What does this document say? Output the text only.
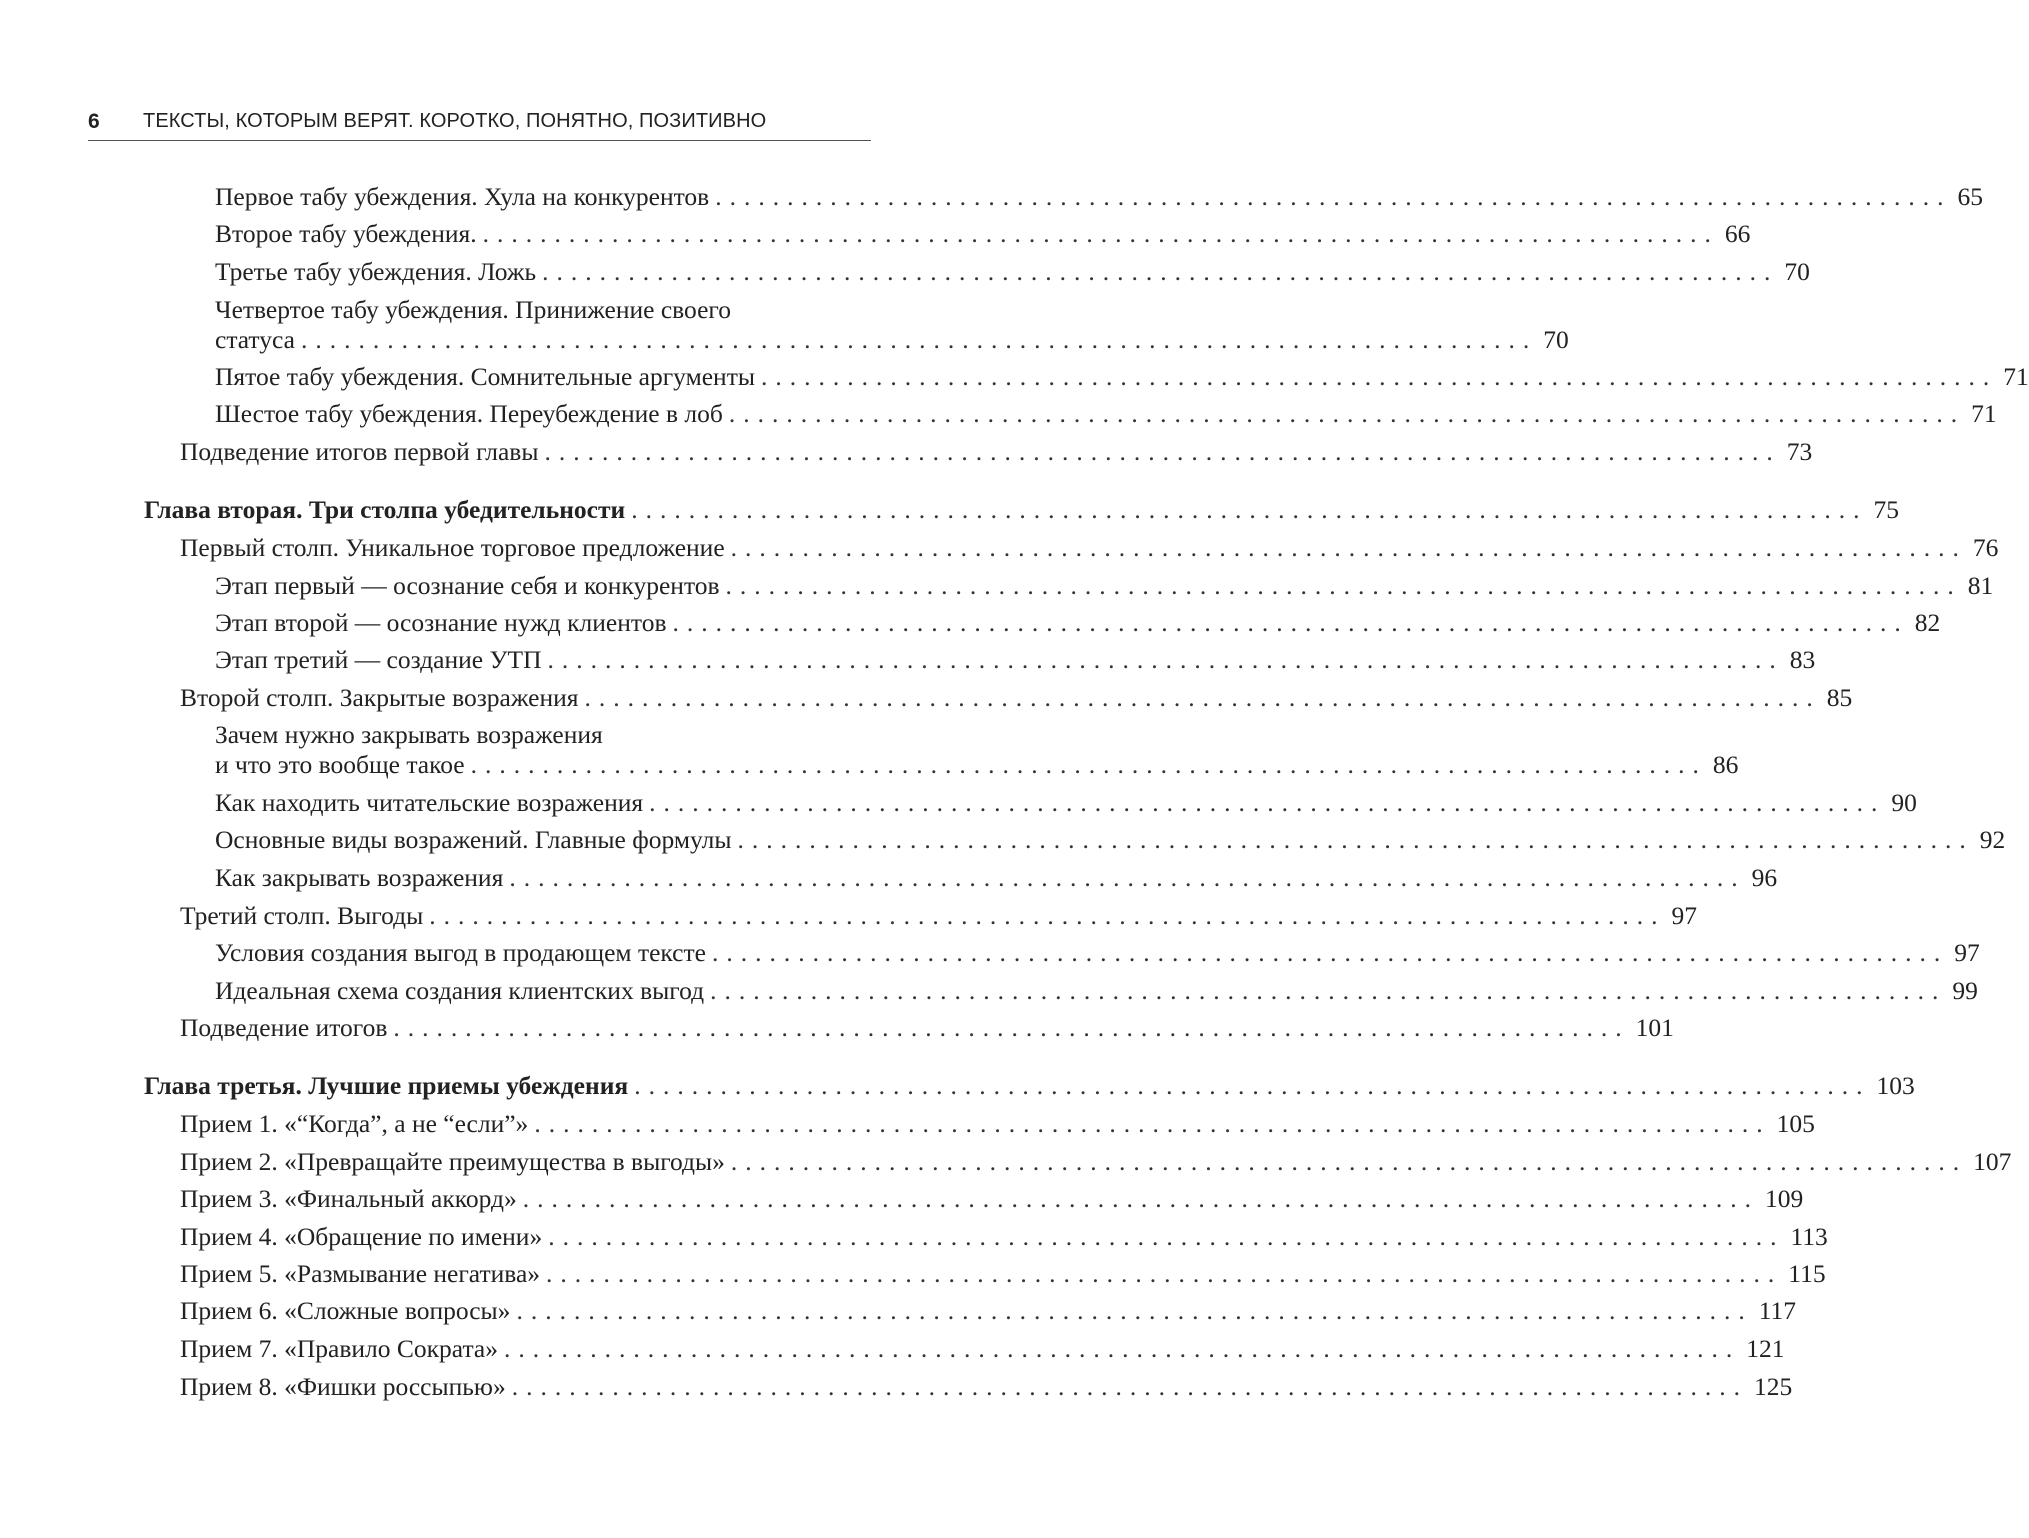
6 ТЕКСТЫ, КОТОРЫМ ВЕРЯТ. КОРОТКО, ПОНЯТНО, ПОЗИТИВНО
Первое табу убеждения. Хула на конкурентов ...................................................................................... 65
Второе табу убеждения. ...................................................................................... 66
Третье табу убеждения. Ложь ...................................................................................... 70
Четвертое табу убеждения. Принижение своего
статуса ...................................................................................... 70
Пятое табу убеждения. Сомнительные аргументы ...................................................................................... 71
Шестое табу убеждения. Переубеждение в лоб ...................................................................................... 71
Подведение итогов первой главы ...................................................................................... 73
Глава вторая. Три столпа убедительности ...................................................................................... 75
Первый столп. Уникальное торговое предложение ...................................................................................... 76
Этап первый — осознание себя и конкурентов ...................................................................................... 81
Этап второй — осознание нужд клиентов ...................................................................................... 82
Этап третий — создание УТП ...................................................................................... 83
Второй столп. Закрытые возражения ...................................................................................... 85
Зачем нужно закрывать возражения
и что это вообще такое ...................................................................................... 86
Как находить читательские возражения ...................................................................................... 90
Основные виды возражений. Главные формулы ...................................................................................... 92
Как закрывать возражения ...................................................................................... 96
Третий столп. Выгоды ...................................................................................... 97
Условия создания выгод в продающем тексте ...................................................................................... 97
Идеальная схема создания клиентских выгод ...................................................................................... 99
Подведение итогов ...................................................................................... 101
Глава третья. Лучшие приемы убеждения ...................................................................................... 103
Прием 1. «“Когда”, а не “если”» ...................................................................................... 105
Прием 2. «Превращайте преимущества в выгоды» ...................................................................................... 107
Прием 3. «Финальный аккорд» ...................................................................................... 109
Прием 4. «Обращение по имени» ...................................................................................... 113
Прием 5. «Размывание негатива» ...................................................................................... 115
Прием 6. «Сложные вопросы» ...................................................................................... 117
Прием 7. «Правило Сократа» ...................................................................................... 121
Прием 8. «Фишки россыпью» ...................................................................................... 125
